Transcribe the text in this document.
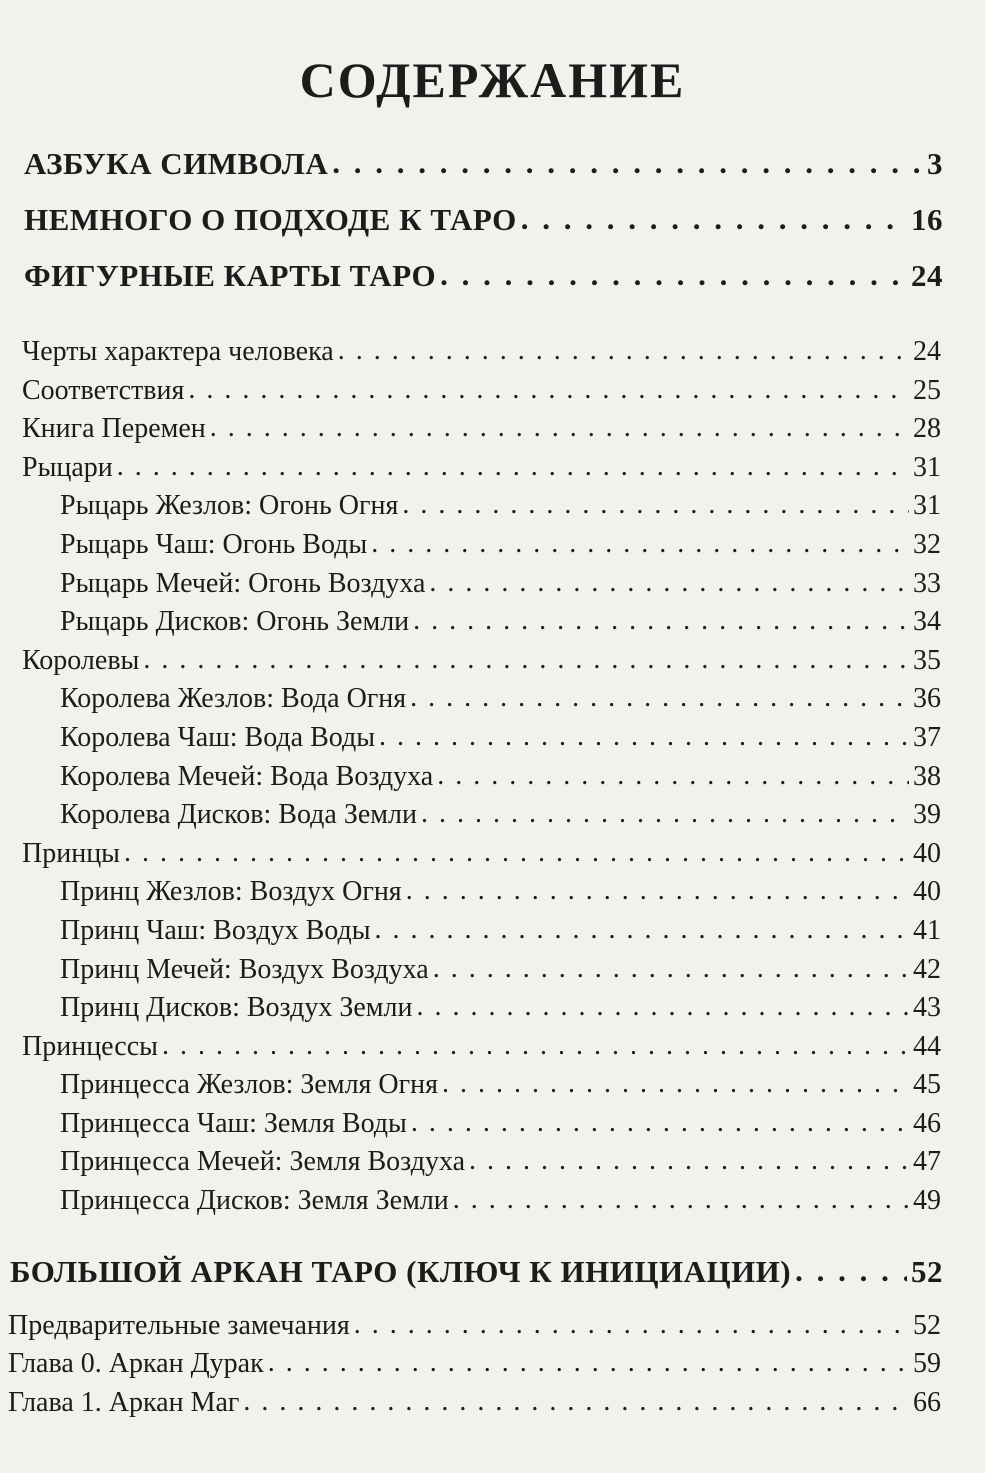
СОДЕРЖАНИЕ
АЗБУКА СИМВОЛА . . .	3
НЕМНОГО О ПОДХОДЕ К ТАРО . . .	16
ФИГУРНЫЕ КАРТЫ ТАРО . . .	24
Черты характера человека . . .	24
Соответствия . . .	25
Книга Перемен . . .	28
Рыцари . . .	31
Рыцарь Жезлов: Огонь Огня . . .	31
Рыцарь Чаш: Огонь Воды . . .	32
Рыцарь Мечей: Огонь Воздуха . . .	33
Рыцарь Дисков: Огонь Земли . . .	34
Королевы . . .	35
Королева Жезлов: Вода Огня . . .	36
Королева Чаш: Вода Воды . . .	37
Королева Мечей: Вода Воздуха . . .	38
Королева Дисков: Вода Земли . . .	39
Принцы . . .	40
Принц Жезлов: Воздух Огня . . .	40
Принц Чаш: Воздух Воды . . .	41
Принц Мечей: Воздух Воздуха . . .	42
Принц Дисков: Воздух Земли . . .	43
Принцессы . . .	44
Принцесса Жезлов: Земля Огня . . .	45
Принцесса Чаш: Земля Воды . . .	46
Принцесса Мечей: Земля Воздуха . . .	47
Принцесса Дисков: Земля Земли . . .	49
БОЛЬШОЙ АРКАН ТАРО (КЛЮЧ К ИНИЦИАЦИИ) . . .	52
Предварительные замечания . . .	52
Глава 0. Аркан Дурак . . .	59
Глава 1. Аркан Маг . . .	66
